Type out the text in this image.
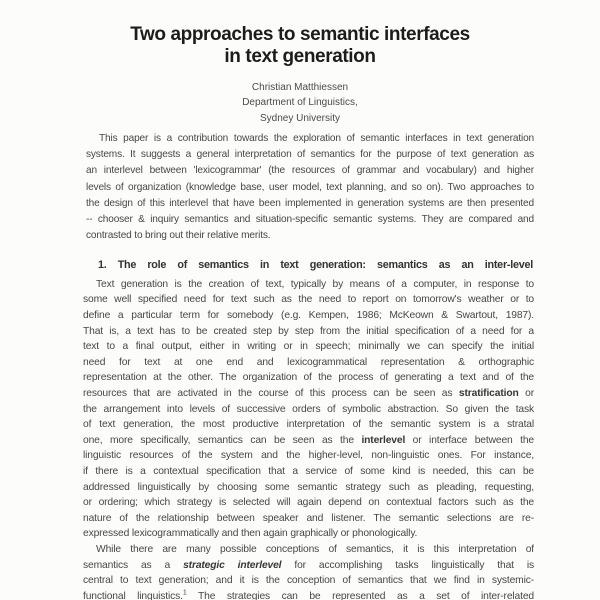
Two approaches to semantic interfaces
in text generation
Christian Matthiessen
Department of Linguistics,
Sydney University
This paper is a contribution towards the exploration of semantic interfaces in text generation
systems. It suggests a general interpretation of semantics for the purpose of text generation as
an interlevel between 'lexicogrammar' (the resources of grammar and vocabulary) and higher
levels of organization (knowledge base, user model, text planning, and so on). Two approaches to
the design of this interlevel that have been implemented in generation systems are then presented
-- chooser & inquiry semantics and situation-specific semantic systems. They are compared and
contrasted to bring out their relative merits.
1. The role of semantics in text generation: semantics as an inter-level
Text generation is the creation of text, typically by means of a computer, in response to
some well specified need for text such as the need to report on tomorrow's weather or to
define a particular term for somebody (e.g. Kempen, 1986; McKeown & Swartout, 1987).
That is, a text has to be created step by step from the initial specification of a need for a
text to a final output, either in writing or in speech; minimally we can specify the initial
need for text at one end and lexicogrammatical representation & orthographic
representation at the other. The organization of the process of generating a text and of the
resources that are activated in the course of this process can be seen as stratification or
the arrangement into levels of successive orders of symbolic abstraction. So given the task
of text generation, the most productive interpretation of the semantic system is a stratal
one, more specifically, semantics can be seen as the interlevel or interface between the
linguistic resources of the system and the higher-level, non-linguistic ones. For instance,
if there is a contextual specification that a service of some kind is needed, this can be
addressed linguistically by choosing some semantic strategy such as pleading, requesting,
or ordering; which strategy is selected will again depend on contextual factors such as the
nature of the relationship between speaker and listener. The semantic selections are re-
expressed lexicogrammatically and then again graphically or phonologically.
While there are many possible conceptions of semantics, it is this interpretation of
semantics as a strategic interlevel for accomplishing tasks linguistically that is
central to text generation; and it is the conception of semantics that we find in systemic-
functional linguistics.$^1$ The strategies can be represented as a set of inter-related
